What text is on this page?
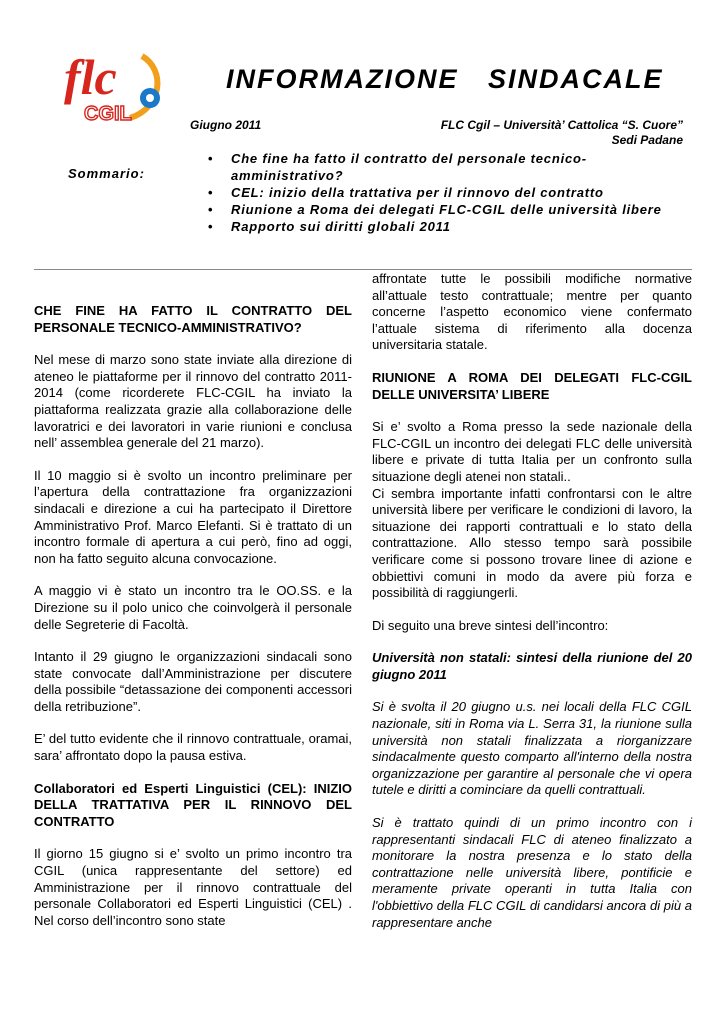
flc
CGIL
INFORMAZIONE SINDACALE
Giugno 2011	FLC Cgil – Università’ Cattolica “S. Cuore”
Sedi Padane
Sommario:
• Che fine ha fatto il contratto del personale tecnico-amministrativo?
• CEL: inizio della trattativa per il rinnovo del contratto
• Riunione a Roma dei delegati FLC-CGIL delle università libere
• Rapporto sui diritti globali 2011

CHE FINE HA FATTO IL CONTRATTO DEL PERSONALE TECNICO-AMMINISTRATIVO?

Nel mese di marzo sono state inviate alla direzione di ateneo le piattaforme per il rinnovo del contratto 2011-2014 (come ricorderete FLC-CGIL ha inviato la piattaforma realizzata grazie alla collaborazione delle lavoratrici e dei lavoratori in varie riunioni e conclusa nell’ assemblea generale del 21 marzo).

Il 10 maggio si è svolto un incontro preliminare per l’apertura della contrattazione fra organizzazioni sindacali e direzione a cui ha partecipato il Direttore Amministrativo Prof. Marco Elefanti. Si è trattato di un incontro formale di apertura a cui però, fino ad oggi, non ha fatto seguito alcuna convocazione.

A maggio vi è stato un incontro tra le OO.SS. e la Direzione su il polo unico che coinvolgerà il personale delle Segreterie di Facoltà.

Intanto il 29 giugno le organizzazioni sindacali sono state convocate dall’Amministrazione per discutere della possibile “detassazione dei componenti accessori della retribuzione”.

E’ del tutto evidente che il rinnovo contrattuale, oramai, sara’ affrontato dopo la pausa estiva.

Collaboratori ed Esperti Linguistici (CEL): INIZIO DELLA TRATTATIVA PER IL RINNOVO DEL CONTRATTO

Il giorno 15 giugno si e’ svolto un primo incontro tra CGIL (unica rappresentante del settore) ed Amministrazione per il rinnovo contrattuale del personale Collaboratori ed Esperti Linguistici (CEL) . Nel corso dell’incontro sono state

affrontate tutte le possibili modifiche normative all’attuale testo contrattuale; mentre per quanto concerne l’aspetto economico viene confermato l’attuale sistema di riferimento alla docenza universitaria statale.

RIUNIONE A ROMA DEI DELEGATI FLC-CGIL DELLE UNIVERSITA’ LIBERE

Si e’ svolto a Roma presso la sede nazionale della FLC-CGIL un incontro dei delegati FLC delle università libere e private di tutta Italia per un confronto sulla situazione degli atenei non statali..

Ci sembra importante infatti confrontarsi con le altre università libere per verificare le condizioni di lavoro, la situazione dei rapporti contrattuali e lo stato della contrattazione. Allo stesso tempo sarà possibile verificare come si possono trovare linee di azione e obbiettivi comuni in modo da avere più forza e possibilità di raggiungerli.

Di seguito una breve sintesi dell’incontro:

Università non statali: sintesi della riunione del 20 giugno 2011

Si è svolta il 20 giugno u.s. nei locali della FLC CGIL nazionale, siti in Roma via L. Serra 31, la riunione sulla università non statali finalizzata a riorganizzare sindacalmente questo comparto all'interno della nostra organizzazione per garantire al personale che vi opera tutele e diritti a cominciare da quelli contrattuali.

Si è trattato quindi di un primo incontro con i rappresentanti sindacali FLC di ateneo finalizzato a monitorare la nostra presenza e lo stato della contrattazione nelle università libere, pontificie e meramente private operanti in tutta Italia con l'obbiettivo della FLC CGIL di candidarsi ancora di più a rappresentare anche
